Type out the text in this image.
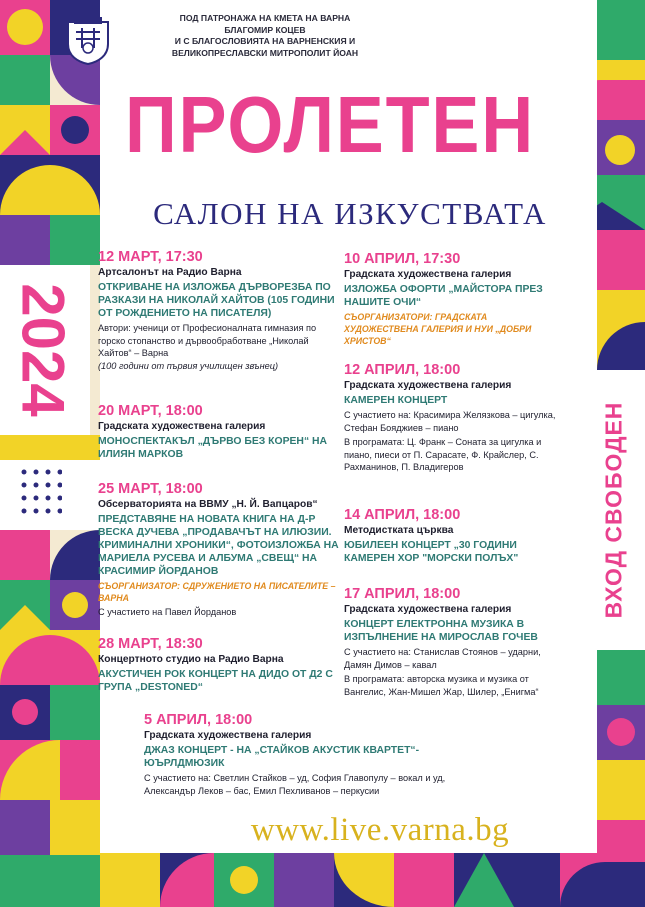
ПОД ПАТРОНАЖА НА КМЕТА НА ВАРНА
БЛАГОМИР КОЦЕВ
И С БЛАГОСЛОВИЯТА НА ВАРНЕНСКИЯ И
ВЕЛИКОПРЕСЛАВСКИ МИТРОПОЛИТ ЙОАН
ПРОЛЕТЕН
САЛОН НА ИЗКУСТВАТА
2024
ВХОД СВОБОДЕН
12 МАРТ, 17:30
Артсалонът на Радио Варна
ОТКРИВАНЕ НА ИЗЛОЖБА ДЪРВОРЕЗБА ПО РАЗКАЗИ НА НИКОЛАЙ ХАЙТОВ (105 ГОДИНИ ОТ РОЖДЕНИЕТО НА ПИСАТЕЛЯ)
Автори: ученици от Професионалната гимназия по горско стопанство и дървообработване „Николай Хайтов“ – Варна
(100 години от първия училищен звънец)
20 МАРТ, 18:00
Градската художествена галерия
МОНОСПЕКТАКЪЛ „ДЪРВО БЕЗ КОРЕН“ НА ИЛИЯН МАРКОВ
25 МАРТ, 18:00
Обсерваторията на ВВМУ „Н. Й. Вапцаров“
ПРЕДСТАВЯНЕ НА НОВАТА КНИГА НА Д-Р ВЕСКА ДУЧЕВА „ПРОДАВАЧЪТ НА ИЛЮЗИИ. КРИМИНАЛНИ ХРОНИКИ“, ФОТОИЗЛОЖБА НА МАРИЕЛА РУСЕВА И АЛБУМА „СВЕЩ“ НА КРАСИМИР ЙОРДАНОВ
СЪОРГАНИЗАТОР: СДРУЖЕНИЕТО НА ПИСАТЕЛИТЕ – ВАРНА
С участието на Павел Йорданов
28 МАРТ, 18:30
Концертното студио на Радио Варна
АКУСТИЧЕН РОК КОНЦЕРТ НА ДИДО ОТ Д2 С ГРУПА „DESTONED“
5 АПРИЛ, 18:00
Градската художествена галерия
ДЖАЗ КОНЦЕРТ - НА „СТАЙКОВ АКУСТИК КВАРТЕТ“- ЮЪРЛДМЮЗИК
С участието на: Светлин Стайков – уд, София Главопулу – вокал и уд,
Александър Леков – бас, Емил Пехливанов – перкусии
10 АПРИЛ, 17:30
Градската художествена галерия
ИЗЛОЖБА ОФОРТИ „МАЙСТОРА ПРЕЗ НАШИТЕ ОЧИ“
СЪОРГАНИЗАТОРИ: ГРАДСКАТА ХУДОЖЕСТВЕНА ГАЛЕРИЯ И НУИ „ДОБРИ ХРИСТОВ“
12 АПРИЛ, 18:00
Градската художествена галерия
КАМЕРЕН КОНЦЕРТ
С участието на: Красимира Желязкова – цигулка, Стефан Бояджиев – пиано
В програмата: Ц. Франк – Соната за цигулка и пиано, пиеси от П. Сарасате, Ф. Крайслер, С. Рахманинов, П. Владигеров
14 АПРИЛ, 18:00
Методистката църква
ЮБИЛЕЕН КОНЦЕРТ „30 ГОДИНИ КАМЕРЕН ХОР "МОРСКИ ПОЛЪХ"
17 АПРИЛ, 18:00
Градската художествена галерия
КОНЦЕРТ ЕЛЕКТРОННА МУЗИКА В ИЗПЪЛНЕНИЕ НА МИРОСЛАВ ГОЧЕВ
С участието на: Станислав Стоянов – ударни, Дамян Димов – кавал
В програмата: авторска музика и музика от Вангелис, Жан-Мишел Жар, Шилер, „Енигма“
www.live.varna.bg
